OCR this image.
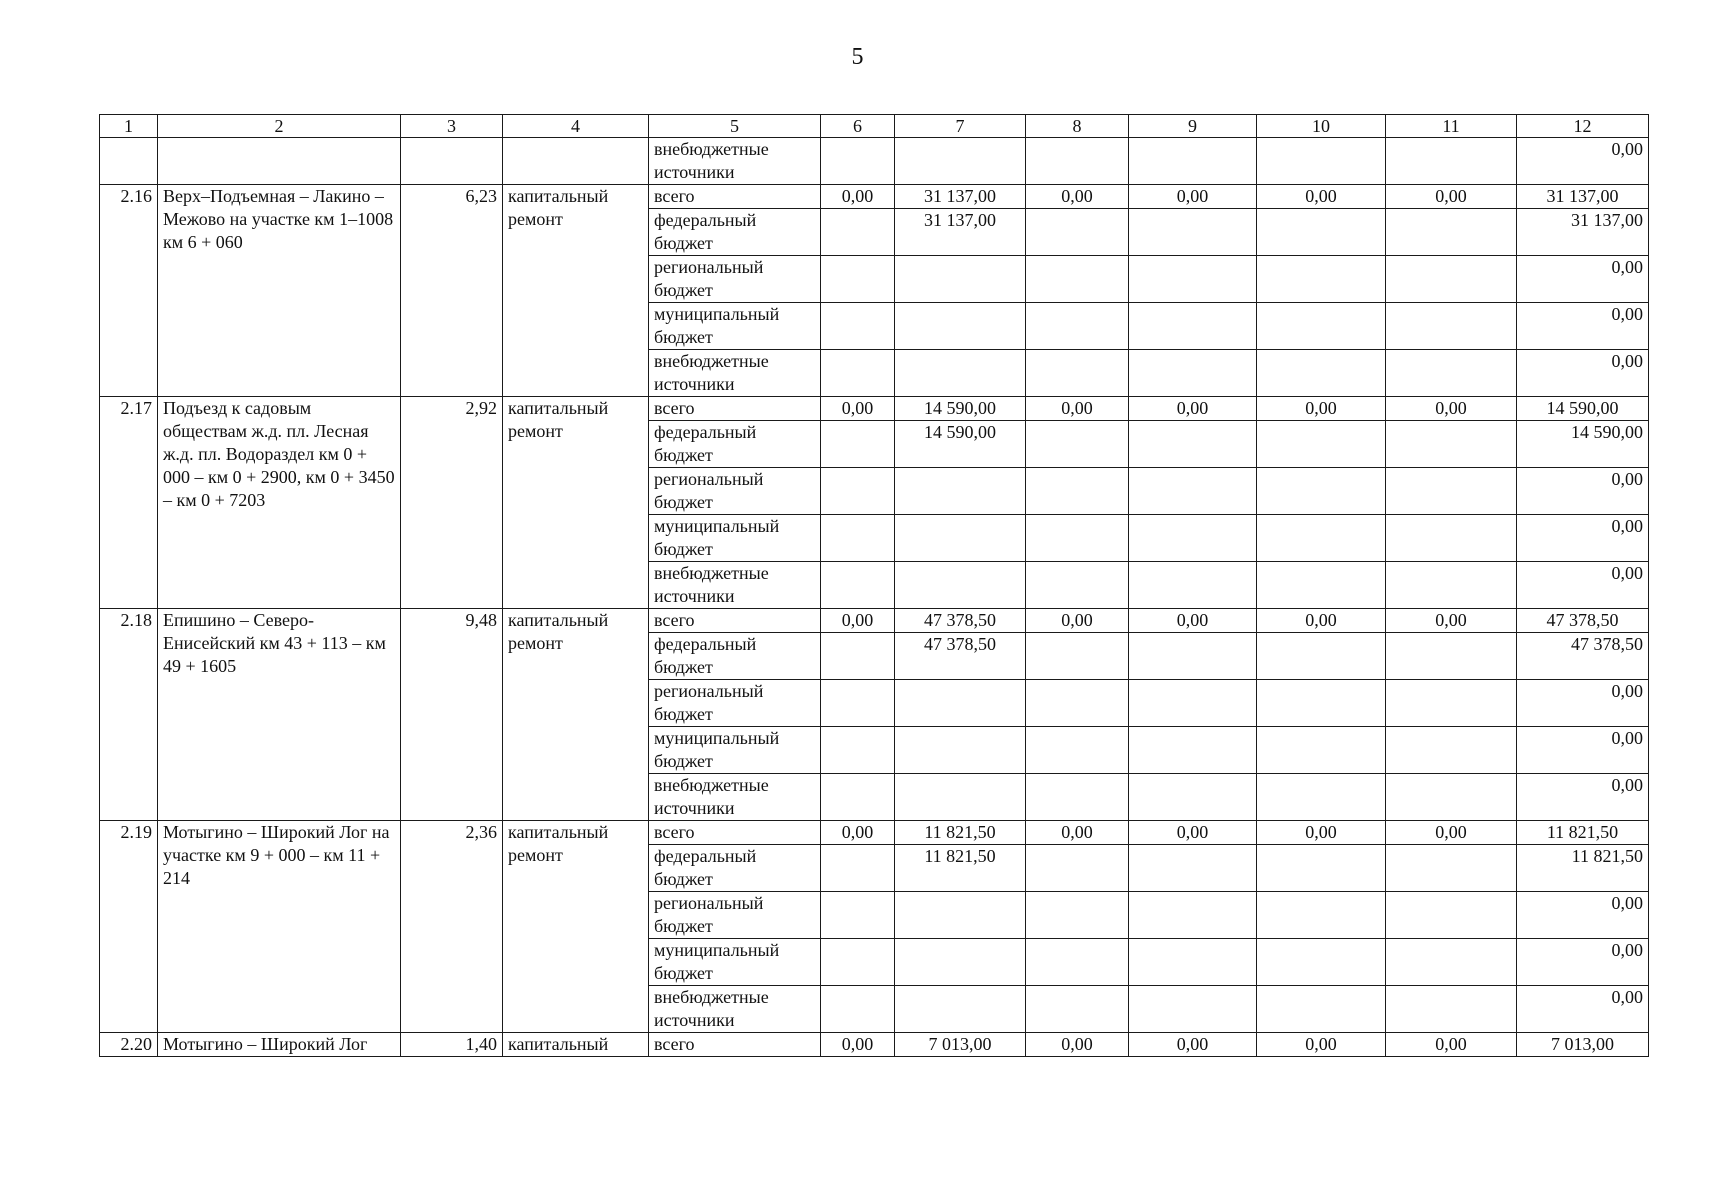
5
1	2	3	4	5	6	7	8	9	10	11	12
				внебюджетные источники							0,00
2.16	Верх–Подъемная – Лакино – Межово на участке км 1–1008 км 6 + 060	6,23	капитальный ремонт	всего	0,00	31 137,00	0,00	0,00	0,00	0,00	31 137,00
				федеральный бюджет		31 137,00					31 137,00
				региональный бюджет							0,00
				муниципальный бюджет							0,00
				внебюджетные источники							0,00
2.17	Подъезд к садовым обществам ж.д. пл. Лесная ж.д. пл. Водораздел км 0 + 000 – км 0 + 2900, км 0 + 3450 – км 0 + 7203	2,92	капитальный ремонт	всего	0,00	14 590,00	0,00	0,00	0,00	0,00	14 590,00
				федеральный бюджет		14 590,00					14 590,00
				региональный бюджет							0,00
				муниципальный бюджет							0,00
				внебюджетные источники							0,00
2.18	Епишино – Северо-Енисейский км 43 + 113 – км 49 + 1605	9,48	капитальный ремонт	всего	0,00	47 378,50	0,00	0,00	0,00	0,00	47 378,50
				федеральный бюджет		47 378,50					47 378,50
				региональный бюджет							0,00
				муниципальный бюджет							0,00
				внебюджетные источники							0,00
2.19	Мотыгино – Широкий Лог на участке км 9 + 000 – км 11 + 214	2,36	капитальный ремонт	всего	0,00	11 821,50	0,00	0,00	0,00	0,00	11 821,50
				федеральный бюджет		11 821,50					11 821,50
				региональный бюджет							0,00
				муниципальный бюджет							0,00
				внебюджетные источники							0,00
2.20	Мотыгино – Широкий Лог	1,40	капитальный	всего	0,00	7 013,00	0,00	0,00	0,00	0,00	7 013,00
